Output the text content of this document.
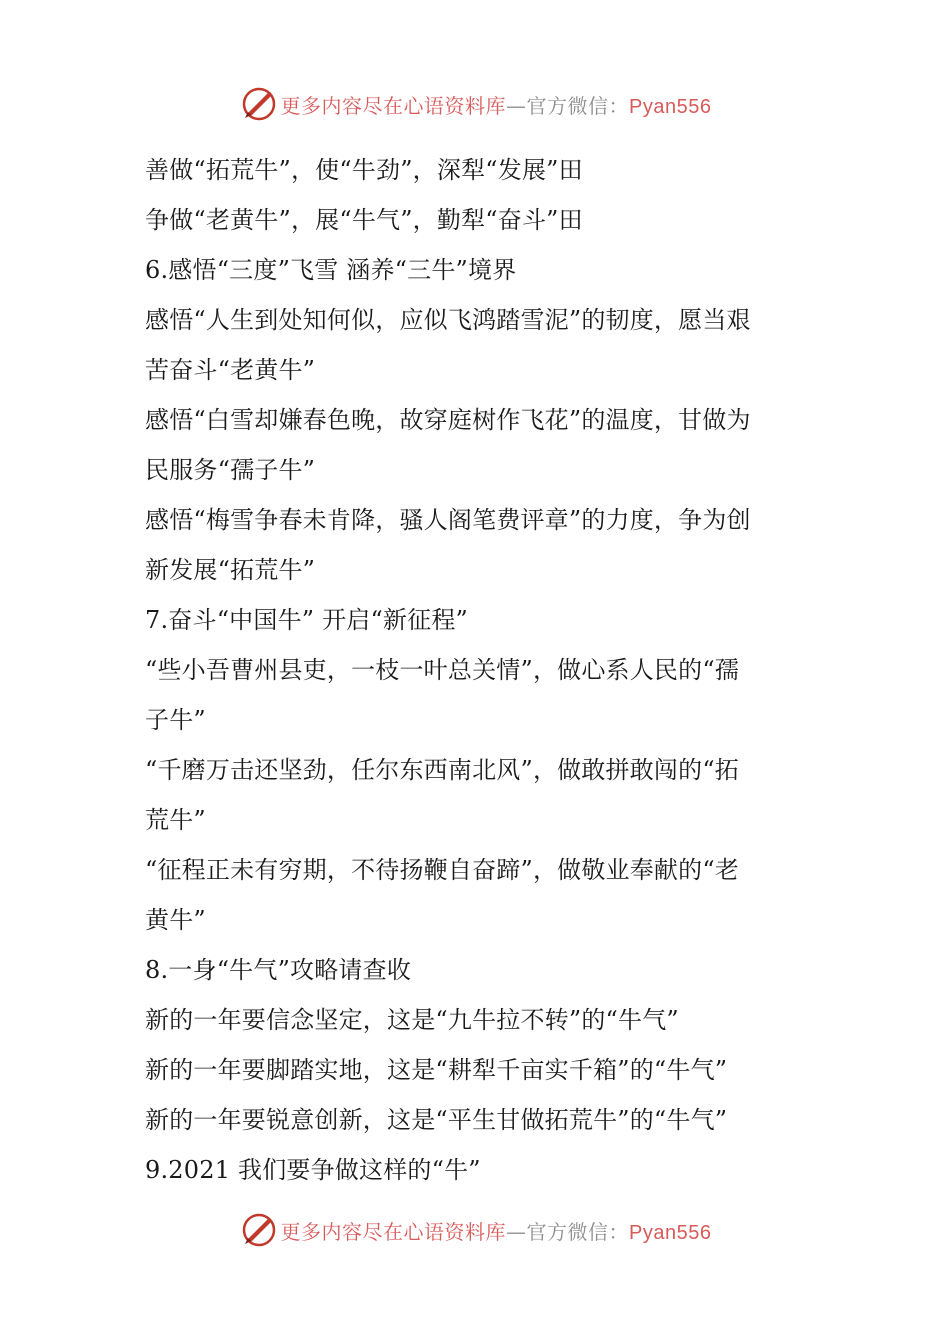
更多内容尽在心语资料库—官方微信：Pyan556
善做“拓荒牛”，使“牛劲”，深犁“发展”田
争做“老黄牛”，展“牛气”，勤犁“奋斗”田
6.感悟“三度”飞雪 涵养“三牛”境界
感悟“人生到处知何似，应似飞鸿踏雪泥”的韧度，愿当艰
苦奋斗“老黄牛”
感悟“白雪却嫌春色晚，故穿庭树作飞花”的温度，甘做为
民服务“孺子牛”
感悟“梅雪争春未肯降，骚人阁笔费评章”的力度，争为创
新发展“拓荒牛”
7.奋斗“中国牛” 开启“新征程”
“些小吾曹州县吏，一枝一叶总关情”，做心系人民的“孺
子牛”
“千磨万击还坚劲，任尔东西南北风”，做敢拼敢闯的“拓
荒牛”
“征程正未有穷期，不待扬鞭自奋蹄”，做敬业奉献的“老
黄牛”
8.一身“牛气”攻略请查收
新的一年要信念坚定，这是“九牛拉不转”的“牛气”
新的一年要脚踏实地，这是“耕犁千亩实千箱”的“牛气”
新的一年要锐意创新，这是“平生甘做拓荒牛”的“牛气”
9.2021 我们要争做这样的“牛”
更多内容尽在心语资料库—官方微信：Pyan556
